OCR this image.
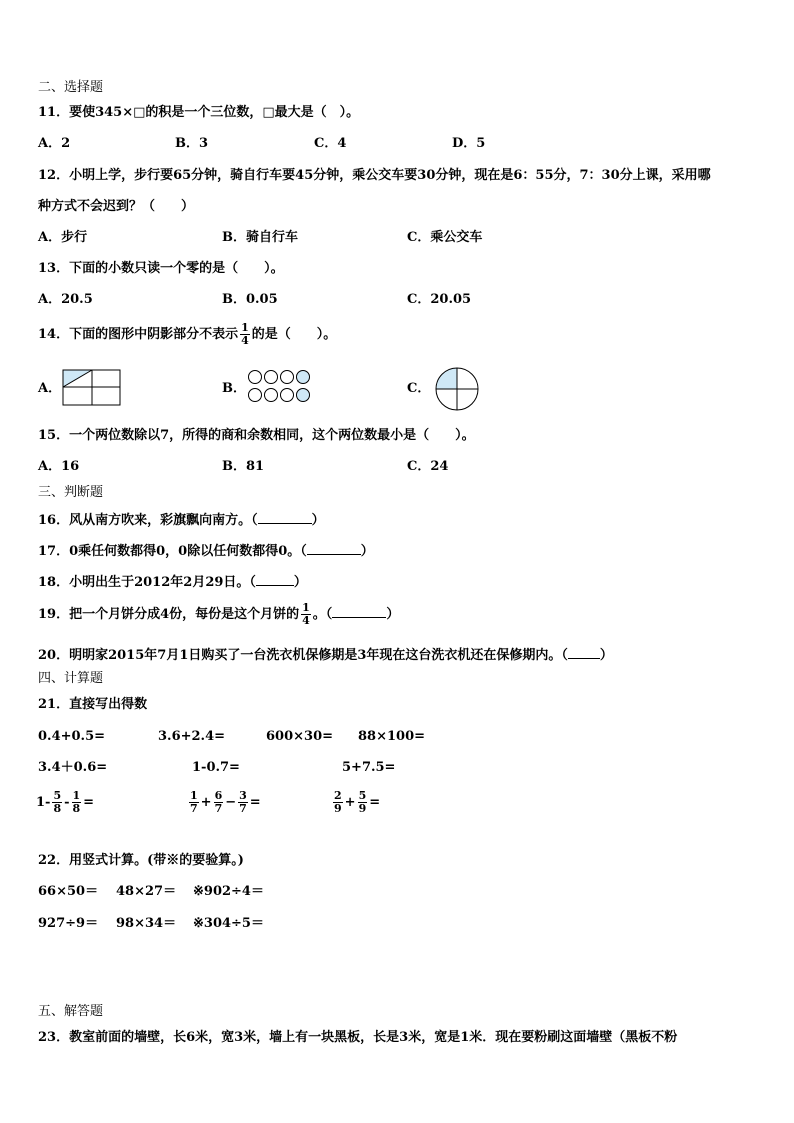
二、选择题
11．要使345×□的积是一个三位数，□最大是（　）。
A．2	B．3	C．4	D．5
12．小明上学，步行要65分钟，骑自行车要45分钟，乘公交车要30分钟，现在是6：55分，7：30分上课，采用哪
种方式不会迟到？（　　）
A．步行	B．骑自行车	C．乘公交车
13．下面的小数只读一个零的是（　　）。
A．20.5	B．0.05	C．20.05
14．下面的图形中阴影部分不表示 $\frac{1}{4}$ 的是（　　）。
A．	B．	C．
15．一个两位数除以7，所得的商和余数相同，这个两位数最小是（　　）。
A．16	B．81	C．24
三、判断题
16．风从南方吹来，彩旗飘向南方。（	）
17．0乘任何数都得0，0除以任何数都得0。（	）
18．小明出生于2012年2月29日。（	）
19．把一个月饼分成4份，每份是这个月饼的 $\frac{1}{4}$ 。（	）
20．明明家2015年7月1日购买了一台洗衣机保修期是3年现在这台洗衣机还在保修期内。（ ）
四、计算题
21．直接写出得数
0.4+0.5=	3.6+2.4=	600×30= 88×100=
3.4＋0.6=	1-0.7=	5+7.5=
$1- \frac{5}{8} - \frac{1}{8}$ =	$\frac{1}{7} + \frac{6}{7} - \frac{3}{7}$ =	$\frac{2}{9} + \frac{5}{9}$ =
22．用竖式计算。(带※的要验算。)
66×50＝ 48×27＝ ※902÷4＝
927÷9＝ 98×34＝ ※304÷5＝
五、解答题
23．教室前面的墙壁，长6米，宽3米，墙上有一块黑板，长是3米，宽是1米．现在要粉刷这面墙壁（黑板不粉
